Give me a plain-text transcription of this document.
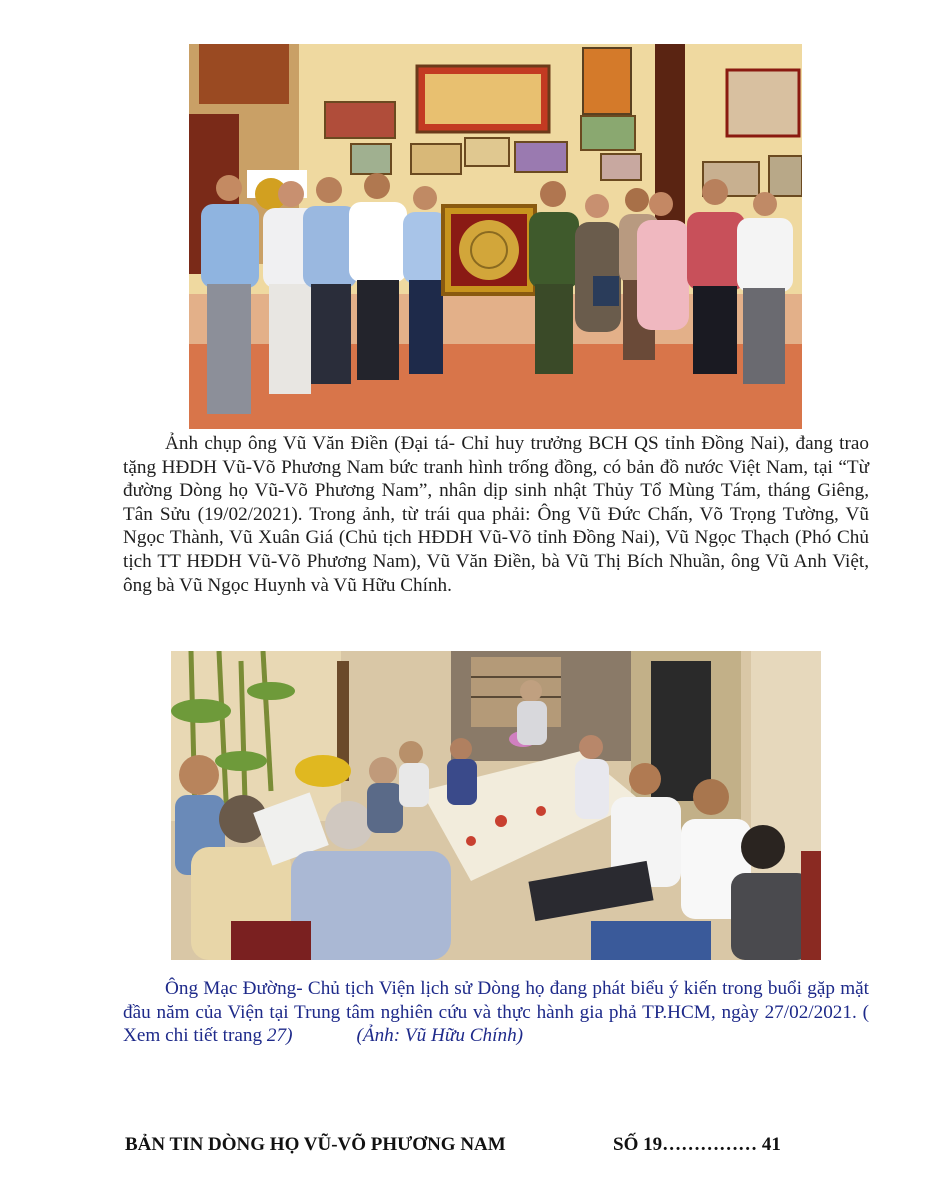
Ảnh chụp ông Vũ Văn Điền (Đại tá- Chỉ huy trưởng BCH QS tỉnh Đồng Nai), đang trao tặng HĐDH Vũ-Võ Phương Nam bức tranh hình trống đồng, có bản đồ nước Việt Nam, tại “Từ đường Dòng họ Vũ-Võ Phương Nam”, nhân dịp sinh nhật Thủy Tổ Mùng Tám, tháng Giêng, Tân Sửu (19/02/2021). Trong ảnh, từ trái qua phải: Ông Vũ Đức Chấn, Võ Trọng Tường, Vũ Ngọc Thành, Vũ Xuân Giá (Chủ tịch HĐDH Vũ-Võ tỉnh Đồng Nai), Vũ Ngọc Thạch (Phó Chủ tịch TT HĐDH Vũ-Võ Phương Nam), Vũ Văn Điền, bà Vũ Thị Bích Nhuần, ông Vũ Anh Việt, ông bà Vũ Ngọc Huynh và Vũ Hữu Chính.

Ông Mạc Đường- Chủ tịch Viện lịch sử Dòng họ đang phát biểu ý kiến trong buổi gặp mặt đầu năm của Viện tại Trung tâm nghiên cứu và thực hành gia phả TP.HCM, ngày 27/02/2021. ( Xem chi tiết trang 27)	(Ảnh: Vũ Hữu Chính)

BẢN TIN DÒNG HỌ VŨ-VÕ PHƯƠNG NAM	SỐ 19…………… 41
